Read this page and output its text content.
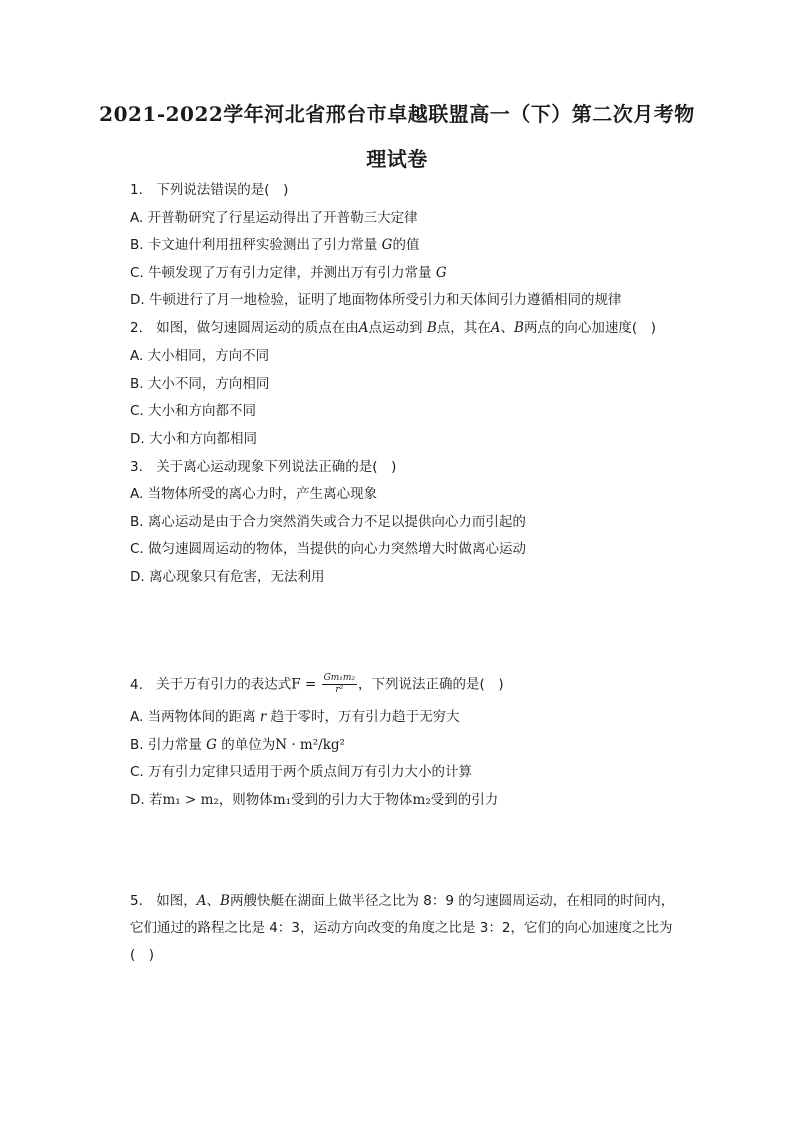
2021-2022学年河北省邢台市卓越联盟高一（下）第二次月考物
理试卷
1. 下列说法错误的是(　)
A. 开普勒研究了行星运动得出了开普勒三大定律
B. 卡文迪什利用扭秤实验测出了引力常量 G的值
C. 牛顿发现了万有引力定律，并测出万有引力常量 G
D. 牛顿进行了月一地检验，证明了地面物体所受引力和天体间引力遵循相同的规律
2. 如图，做匀速圆周运动的质点在由A点运动到 B点，其在A、B两点的向心加速度(　)
A. 大小相同，方向不同
B. 大小不同，方向相同
C. 大小和方向都不同
D. 大小和方向都相同
3. 关于离心运动现象下列说法正确的是(　)
A. 当物体所受的离心力时，产生离心现象
B. 离心运动是由于合力突然消失或合力不足以提供向心力而引起的
C. 做匀速圆周运动的物体，当提供的向心力突然增大时做离心运动
D. 离心现象只有危害，无法利用
4. 关于万有引力的表达式$F = \frac{\text{Gm₁m₂}}{\text{r²}}$ ，下列说法正确的是(　)
A. 当两物体间的距离 r 趋于零时，万有引力趋于无穷大
B. 引力常量 G 的单位为N · m²/kg²
C. 万有引力定律只适用于两个质点间万有引力大小的计算
D. 若m₁ > m₂，则物体m₁受到的引力大于物体m₂受到的引力
5. 如图，A、B两艘快艇在湖面上做半径之比为 8：9 的匀速圆周运动，在相同的时间内，
它们通过的路程之比是 4：3，运动方向改变的角度之比是 3：2，它们的向心加速度之比为
(　)
